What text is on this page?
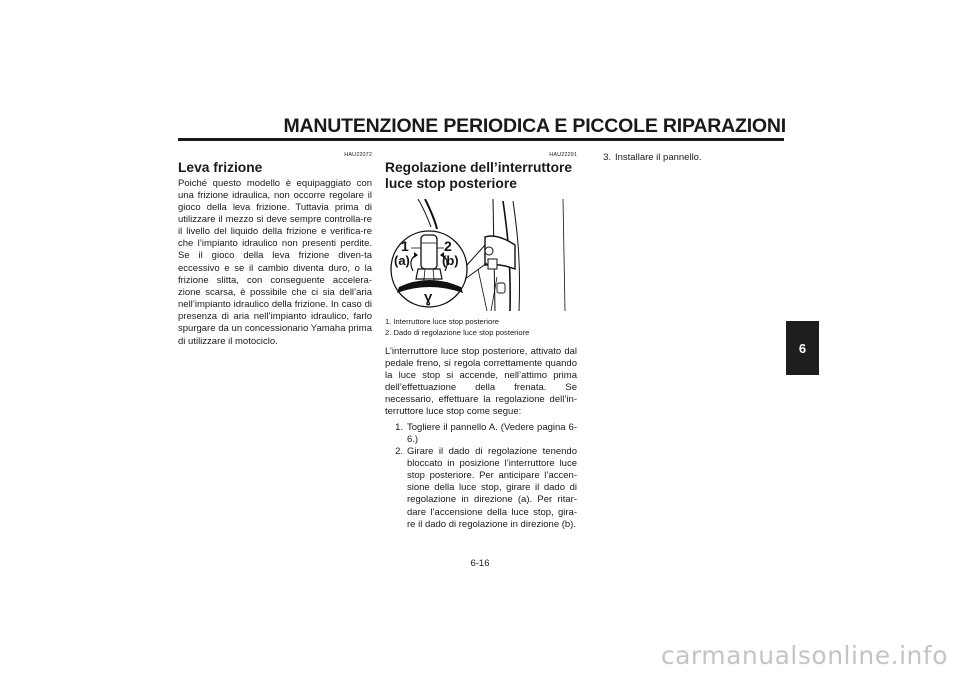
MANUTENZIONE PERIODICA E PICCOLE RIPARAZIONI
HAU22072
Leva frizione

Poiché questo modello è equipaggiato con una frizione idraulica, non occorre regolare il gioco della leva frizione. Tuttavia prima di utilizzare il mezzo si deve sempre controlla-re il livello del liquido della frizione e verifica-re che l’impianto idraulico non presenti perdite. Se il gioco della leva frizione diven-ta eccessivo e se il cambio diventa duro, o la frizione slitta, con conseguente accelera-zione scarsa, è possibile che ci sia dell’aria nell’impianto idraulico della frizione. In caso di presenza di aria nell’impianto idraulico, farlo spurgare da un concessionario Yamaha prima di utilizzare il motociclo.

HAU22291
Regolazione dell’interruttore luce stop posteriore
Ɣ
1	2
(a) (b)
1. Interruttore luce stop posteriore
2. Dado di regolazione luce stop posteriore

L’interruttore luce stop posteriore, attivato dal pedale freno, si regola correttamente quando la luce stop si accende, nell’attimo prima dell’effettuazione della frenata. Se necessario, effettuare la regolazione dell’in-terruttore luce stop come segue:

1. Togliere il pannello A. (Vedere pagina 6-6.)
2. Girare il dado di regolazione tenendo bloccato in posizione l’interruttore luce stop posteriore. Per anticipare l’accen-sione della luce stop, girare il dado di regolazione in direzione (a). Per ritar-dare l’accensione della luce stop, gira-re il dado di regolazione in direzione (b).
3. Installare il pannello.
6-16
6
carmanualsonline.info
